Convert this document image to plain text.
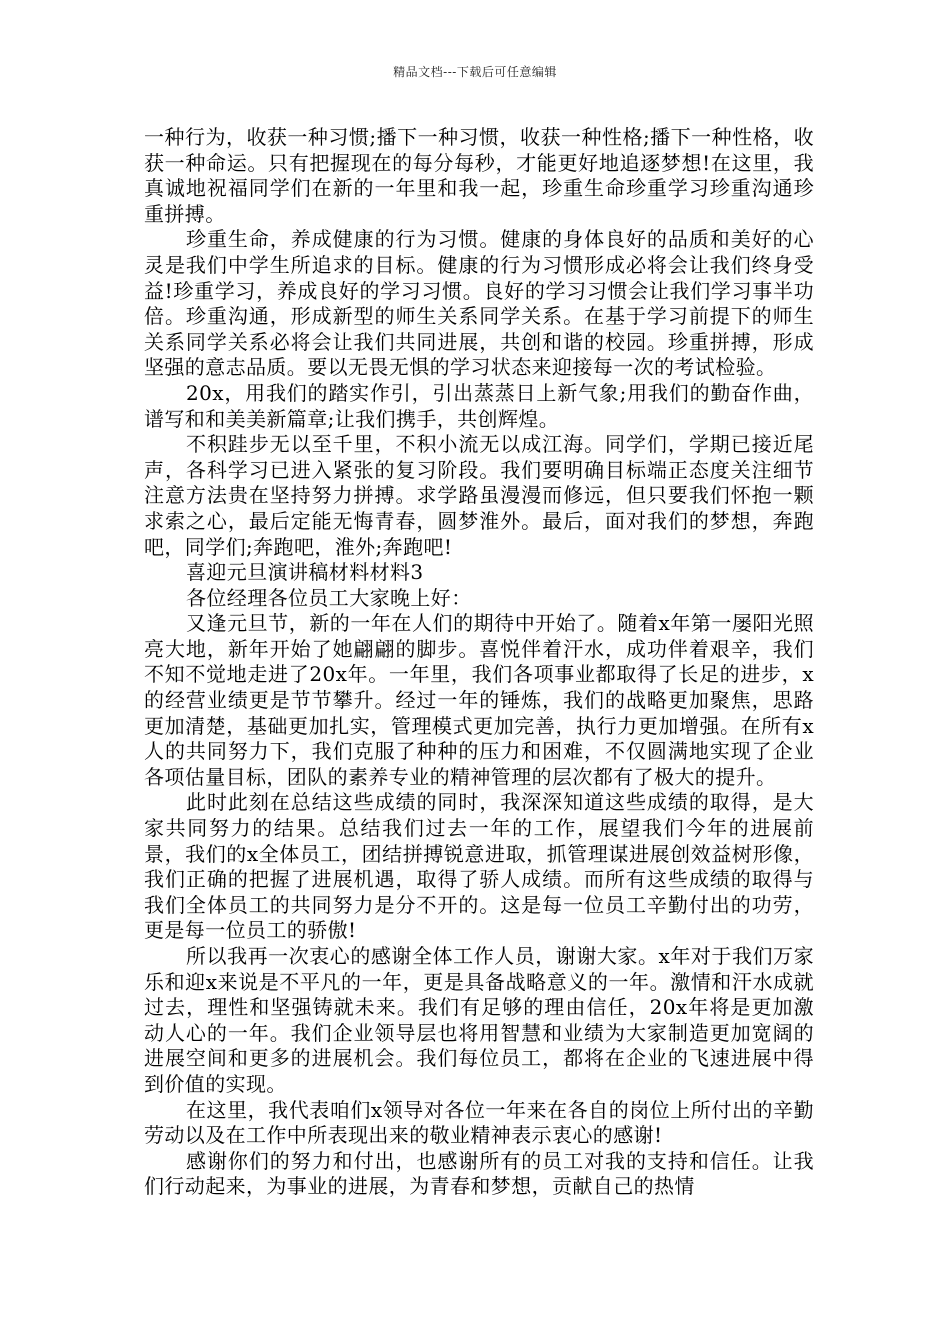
精品文档---下载后可任意编辑

一种行为，收获一种习惯;播下一种习惯，收获一种性格;播下一种性格，收获一种命运。只有把握现在的每分每秒，才能更好地追逐梦想!在这里，我真诚地祝福同学们在新的一年里和我一起，珍重生命珍重学习珍重沟通珍重拼搏。

珍重生命，养成健康的行为习惯。健康的身体良好的品质和美好的心灵是我们中学生所追求的目标。健康的行为习惯形成必将会让我们终身受益!珍重学习，养成良好的学习习惯。良好的学习习惯会让我们学习事半功倍。珍重沟通，形成新型的师生关系同学关系。在基于学习前提下的师生关系同学关系必将会让我们共同进展，共创和谐的校园。珍重拼搏，形成坚强的意志品质。要以无畏无惧的学习状态来迎接每一次的考试检验。

20x，用我们的踏实作引，引出蒸蒸日上新气象;用我们的勤奋作曲，谱写和和美美新篇章;让我们携手，共创辉煌。

不积跬步无以至千里，不积小流无以成江海。同学们，学期已接近尾声，各科学习已进入紧张的复习阶段。我们要明确目标端正态度关注细节注意方法贵在坚持努力拼搏。求学路虽漫漫而修远，但只要我们怀抱一颗求索之心，最后定能无悔青春，圆梦淮外。最后，面对我们的梦想，奔跑吧，同学们;奔跑吧，淮外;奔跑吧!

喜迎元旦演讲稿材料材料3

各位经理各位员工大家晚上好：

又逢元旦节，新的一年在人们的期待中开始了。随着x年第一屡阳光照亮大地，新年开始了她翩翩的脚步。喜悦伴着汗水，成功伴着艰辛，我们不知不觉地走进了20x年。一年里，我们各项事业都取得了长足的进步，x的经营业绩更是节节攀升。经过一年的锤炼，我们的战略更加聚焦，思路更加清楚，基础更加扎实，管理模式更加完善，执行力更加增强。在所有x人的共同努力下，我们克服了种种的压力和困难，不仅圆满地实现了企业各项估量目标，团队的素养专业的精神管理的层次都有了极大的提升。

此时此刻在总结这些成绩的同时，我深深知道这些成绩的取得，是大家共同努力的结果。总结我们过去一年的工作，展望我们今年的进展前景，我们的x全体员工，团结拼搏锐意进取，抓管理谋进展创效益树形像，我们正确的把握了进展机遇，取得了骄人成绩。而所有这些成绩的取得与我们全体员工的共同努力是分不开的。这是每一位员工辛勤付出的功劳，更是每一位员工的骄傲!

所以我再一次衷心的感谢全体工作人员，谢谢大家。x年对于我们万家乐和迎x来说是不平凡的一年，更是具备战略意义的一年。激情和汗水成就过去，理性和坚强铸就未来。我们有足够的理由信任，20x年将是更加激动人心的一年。我们企业领导层也将用智慧和业绩为大家制造更加宽阔的进展空间和更多的进展机会。我们每位员工，都将在企业的飞速进展中得到价值的实现。

在这里，我代表咱们x领导对各位一年来在各自的岗位上所付出的辛勤劳动以及在工作中所表现出来的敬业精神表示衷心的感谢!

感谢你们的努力和付出，也感谢所有的员工对我的支持和信任。让我们行动起来，为事业的进展，为青春和梦想，贡献自己的热情
